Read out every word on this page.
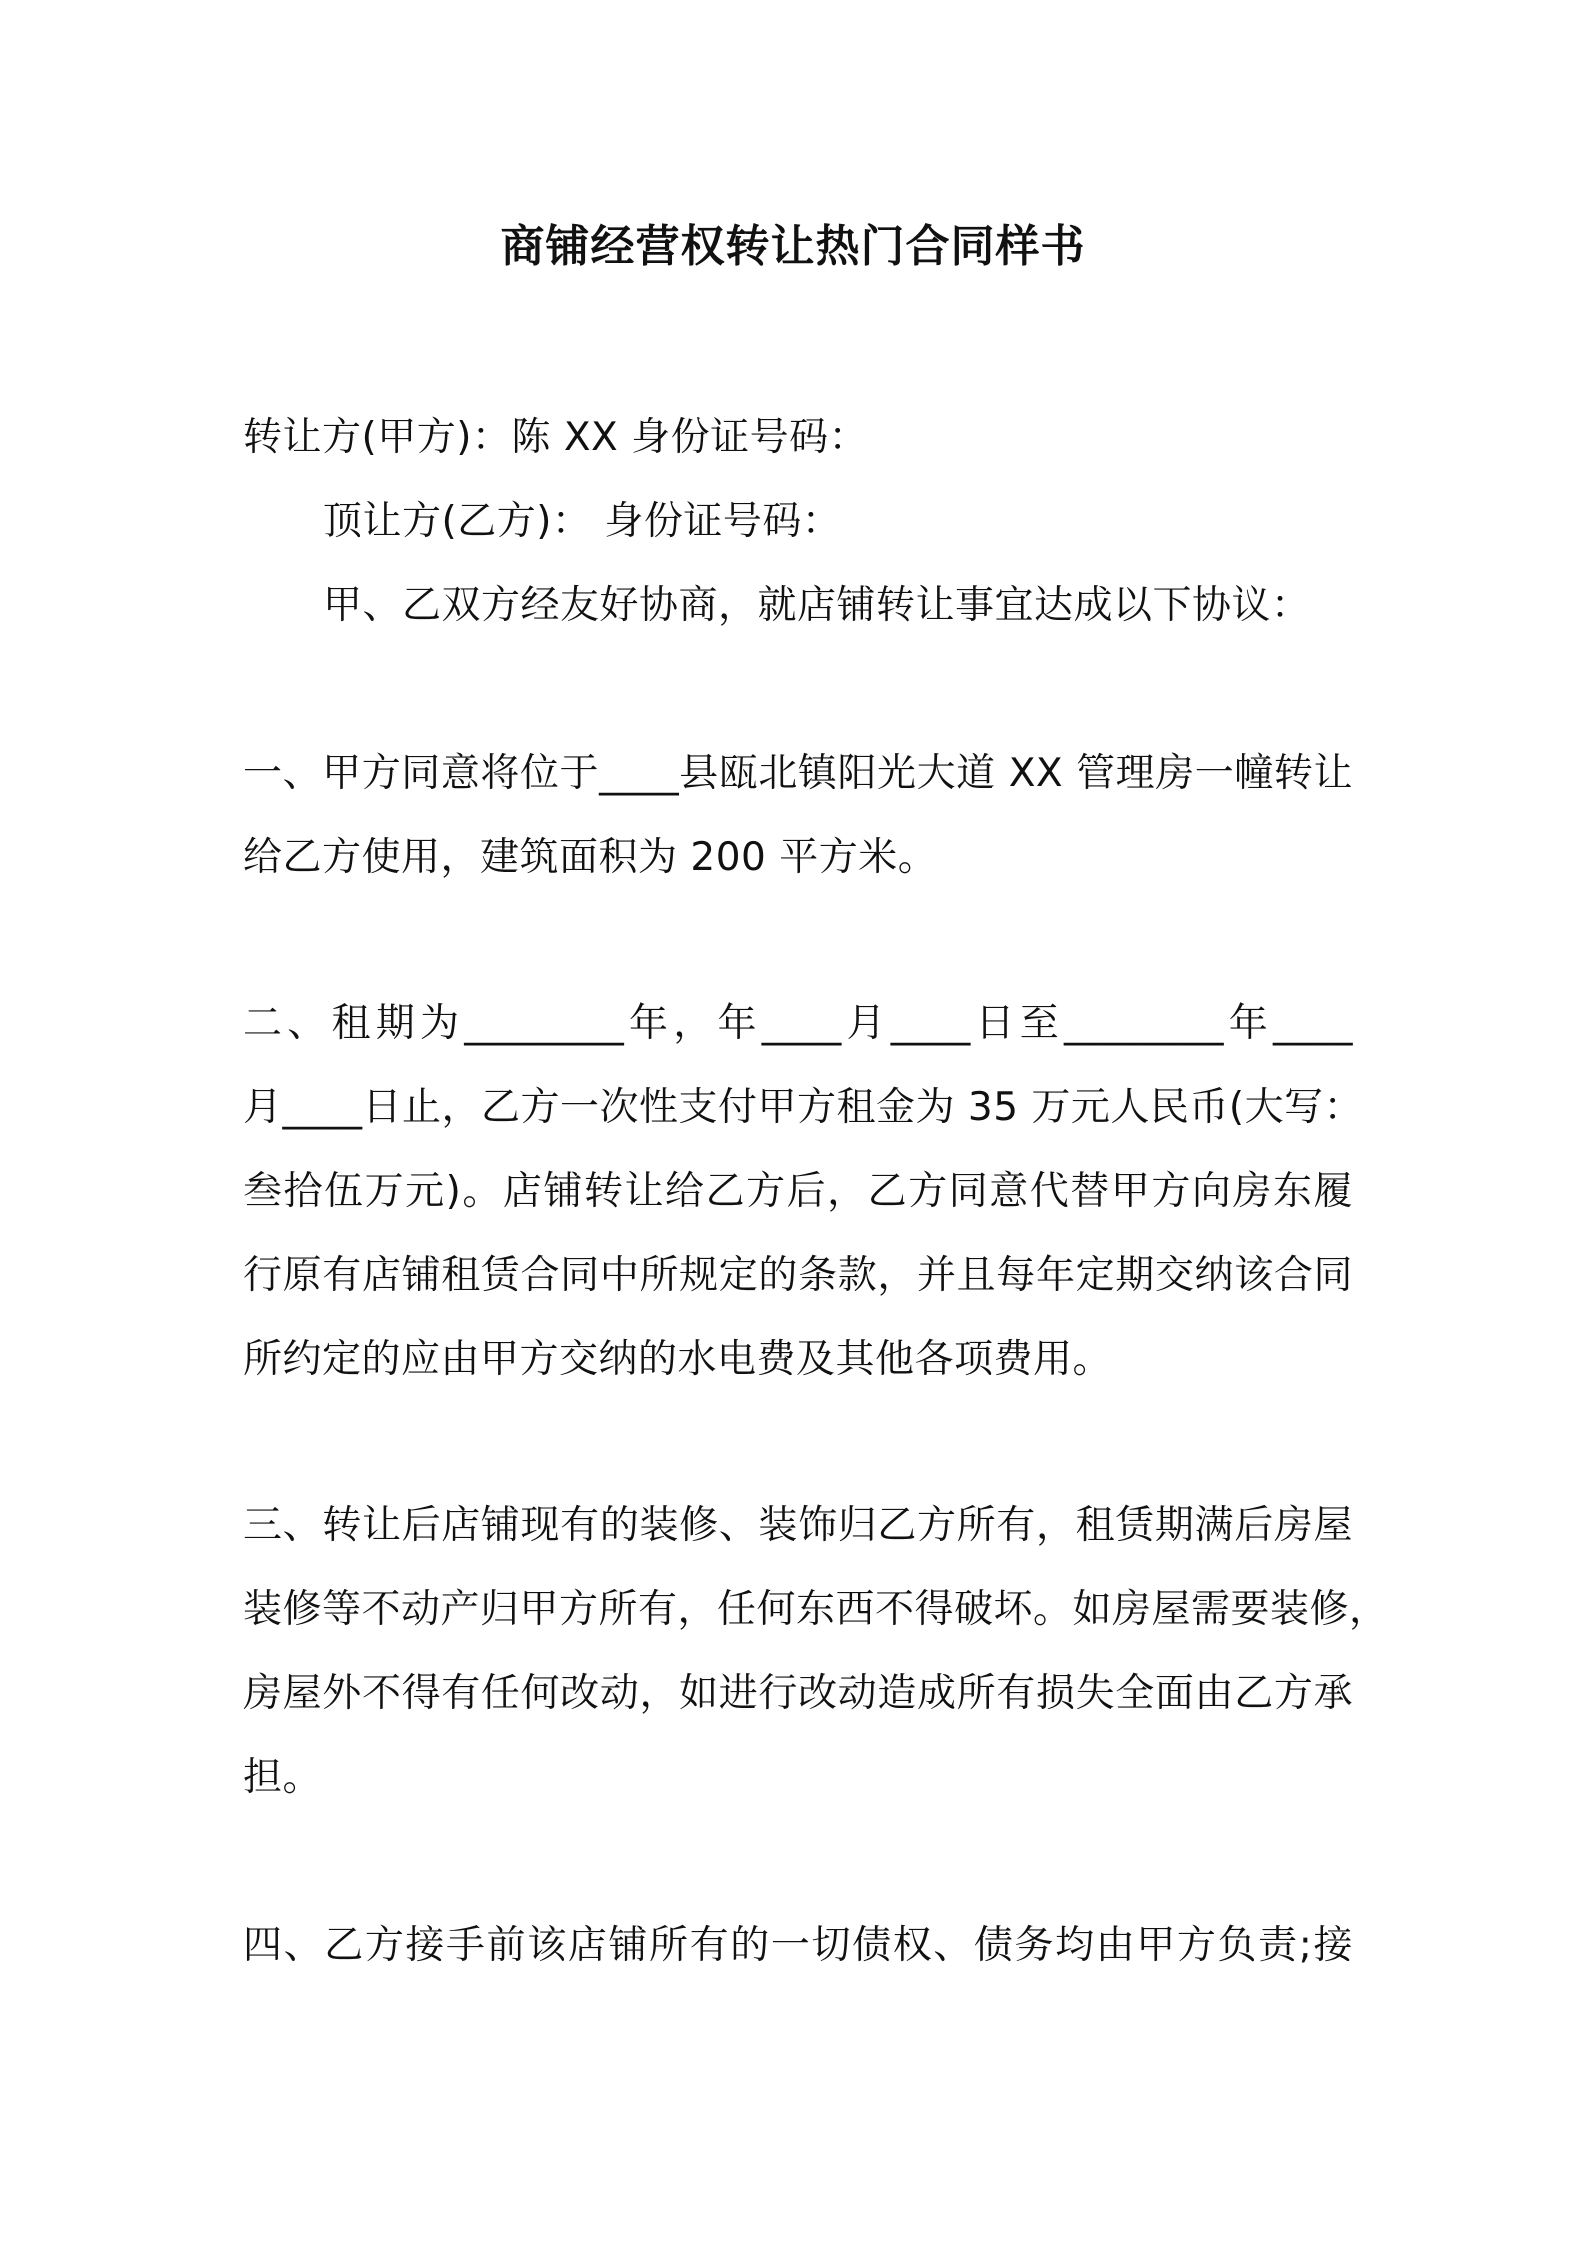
商铺经营权转让热门合同样书
转让方(甲方)：陈 XX 身份证号码：
顶让方(乙方)： 身份证号码：
甲、乙双方经友好协商，就店铺转让事宜达成以下协议：
一、甲方同意将位于____县瓯北镇阳光大道 XX 管理房一幢转让
给乙方使用，建筑面积为 200 平方米。
二、租期为________年，年____月____日至________年____
月____日止，乙方一次性支付甲方租金为 35 万元人民币(大写：
叁拾伍万元)。店铺转让给乙方后，乙方同意代替甲方向房东履
行原有店铺租赁合同中所规定的条款，并且每年定期交纳该合同
所约定的应由甲方交纳的水电费及其他各项费用。
三、转让后店铺现有的装修、装饰归乙方所有，租赁期满后房屋
装修等不动产归甲方所有，任何东西不得破坏。如房屋需要装修，
房屋外不得有任何改动，如进行改动造成所有损失全面由乙方承
担。
四、乙方接手前该店铺所有的一切债权、债务均由甲方负责;接
